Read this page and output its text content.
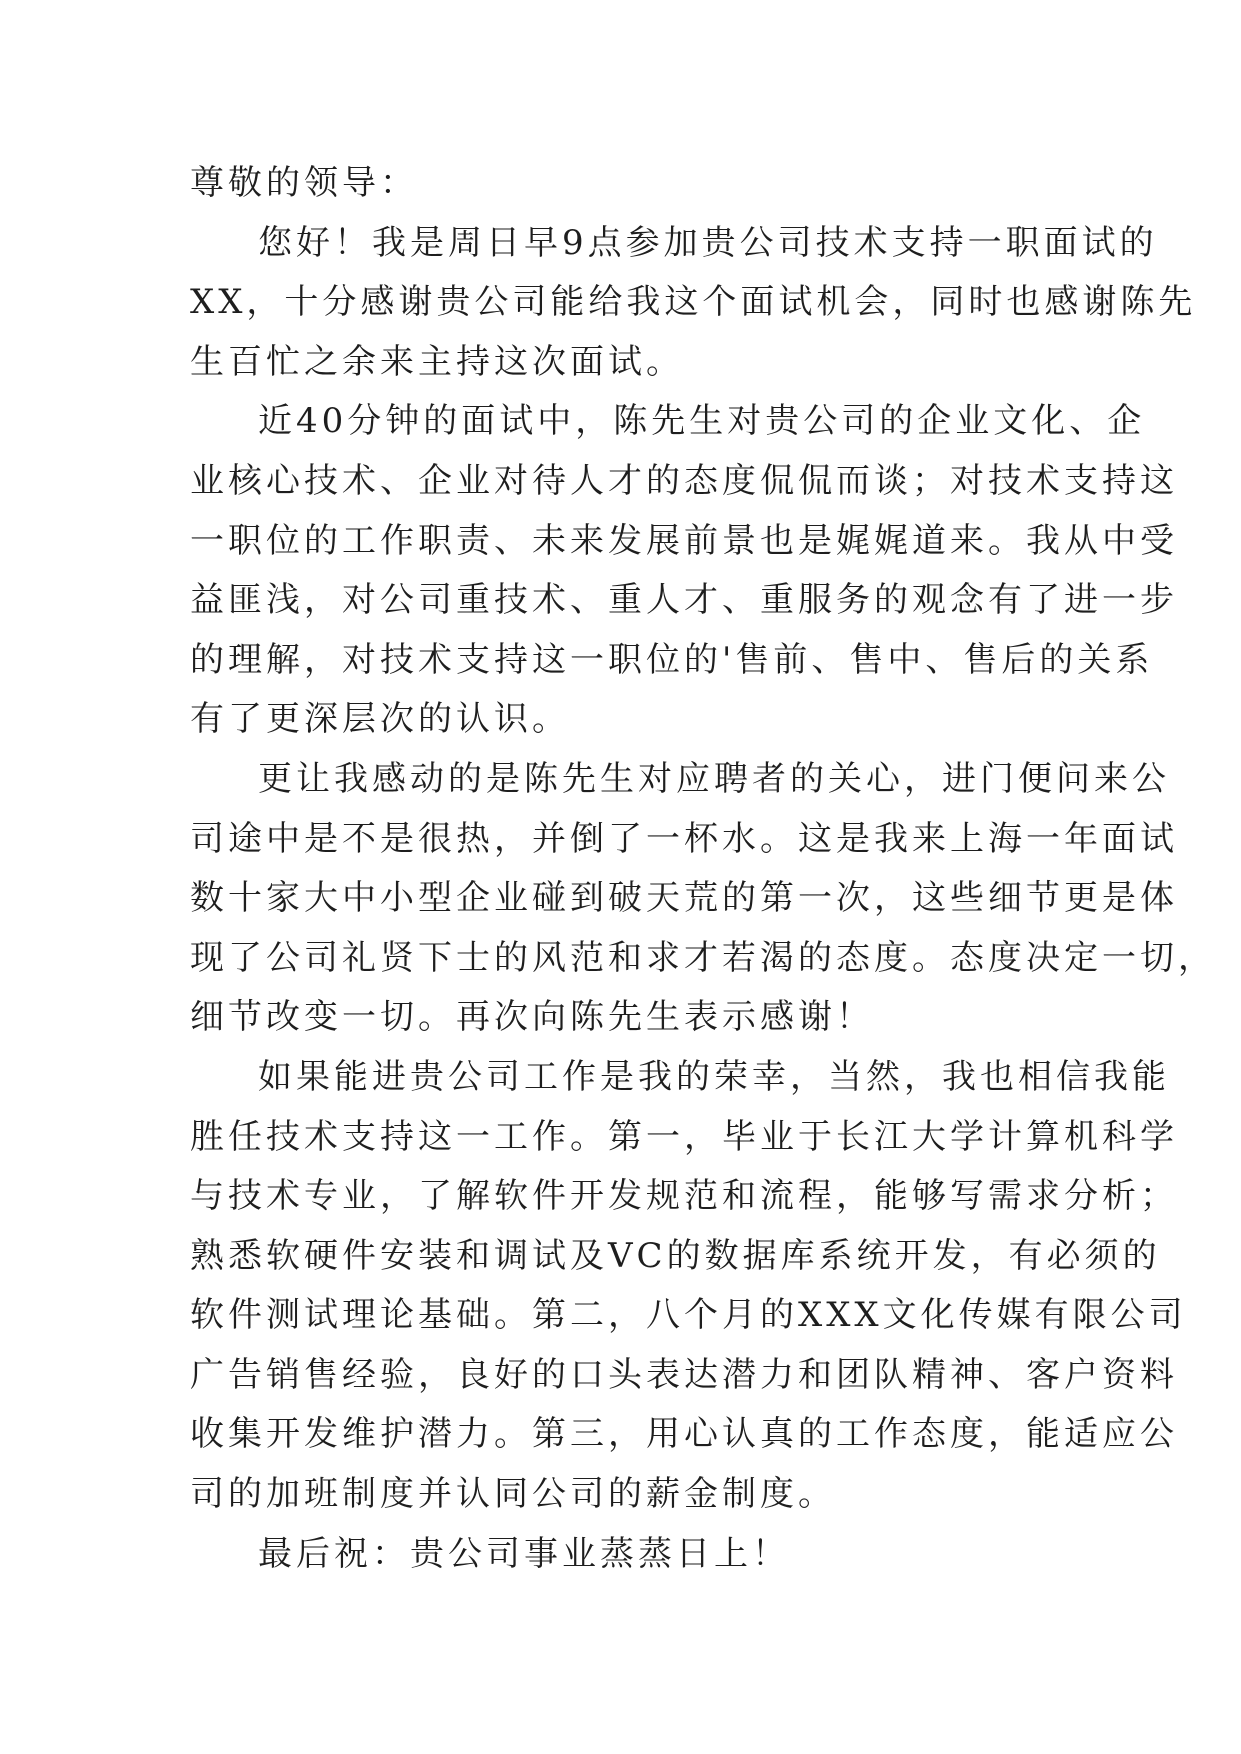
尊敬的领导：
您好！我是周日早9点参加贵公司技术支持一职面试的
XX，十分感谢贵公司能给我这个面试机会，同时也感谢陈先
生百忙之余来主持这次面试。
近40分钟的面试中，陈先生对贵公司的企业文化、企
业核心技术、企业对待人才的态度侃侃而谈；对技术支持这
一职位的工作职责、未来发展前景也是娓娓道来。我从中受
益匪浅，对公司重技术、重人才、重服务的观念有了进一步
的理解，对技术支持这一职位的'售前、售中、售后的关系
有了更深层次的认识。
更让我感动的是陈先生对应聘者的关心，进门便问来公
司途中是不是很热，并倒了一杯水。这是我来上海一年面试
数十家大中小型企业碰到破天荒的第一次，这些细节更是体
现了公司礼贤下士的风范和求才若渴的态度。态度决定一切，
细节改变一切。再次向陈先生表示感谢！
如果能进贵公司工作是我的荣幸，当然，我也相信我能
胜任技术支持这一工作。第一，毕业于长江大学计算机科学
与技术专业，了解软件开发规范和流程，能够写需求分析；
熟悉软硬件安装和调试及VC的数据库系统开发，有必须的
软件测试理论基础。第二，八个月的XXX文化传媒有限公司
广告销售经验，良好的口头表达潜力和团队精神、客户资料
收集开发维护潜力。第三，用心认真的工作态度，能适应公
司的加班制度并认同公司的薪金制度。
最后祝：贵公司事业蒸蒸日上！
